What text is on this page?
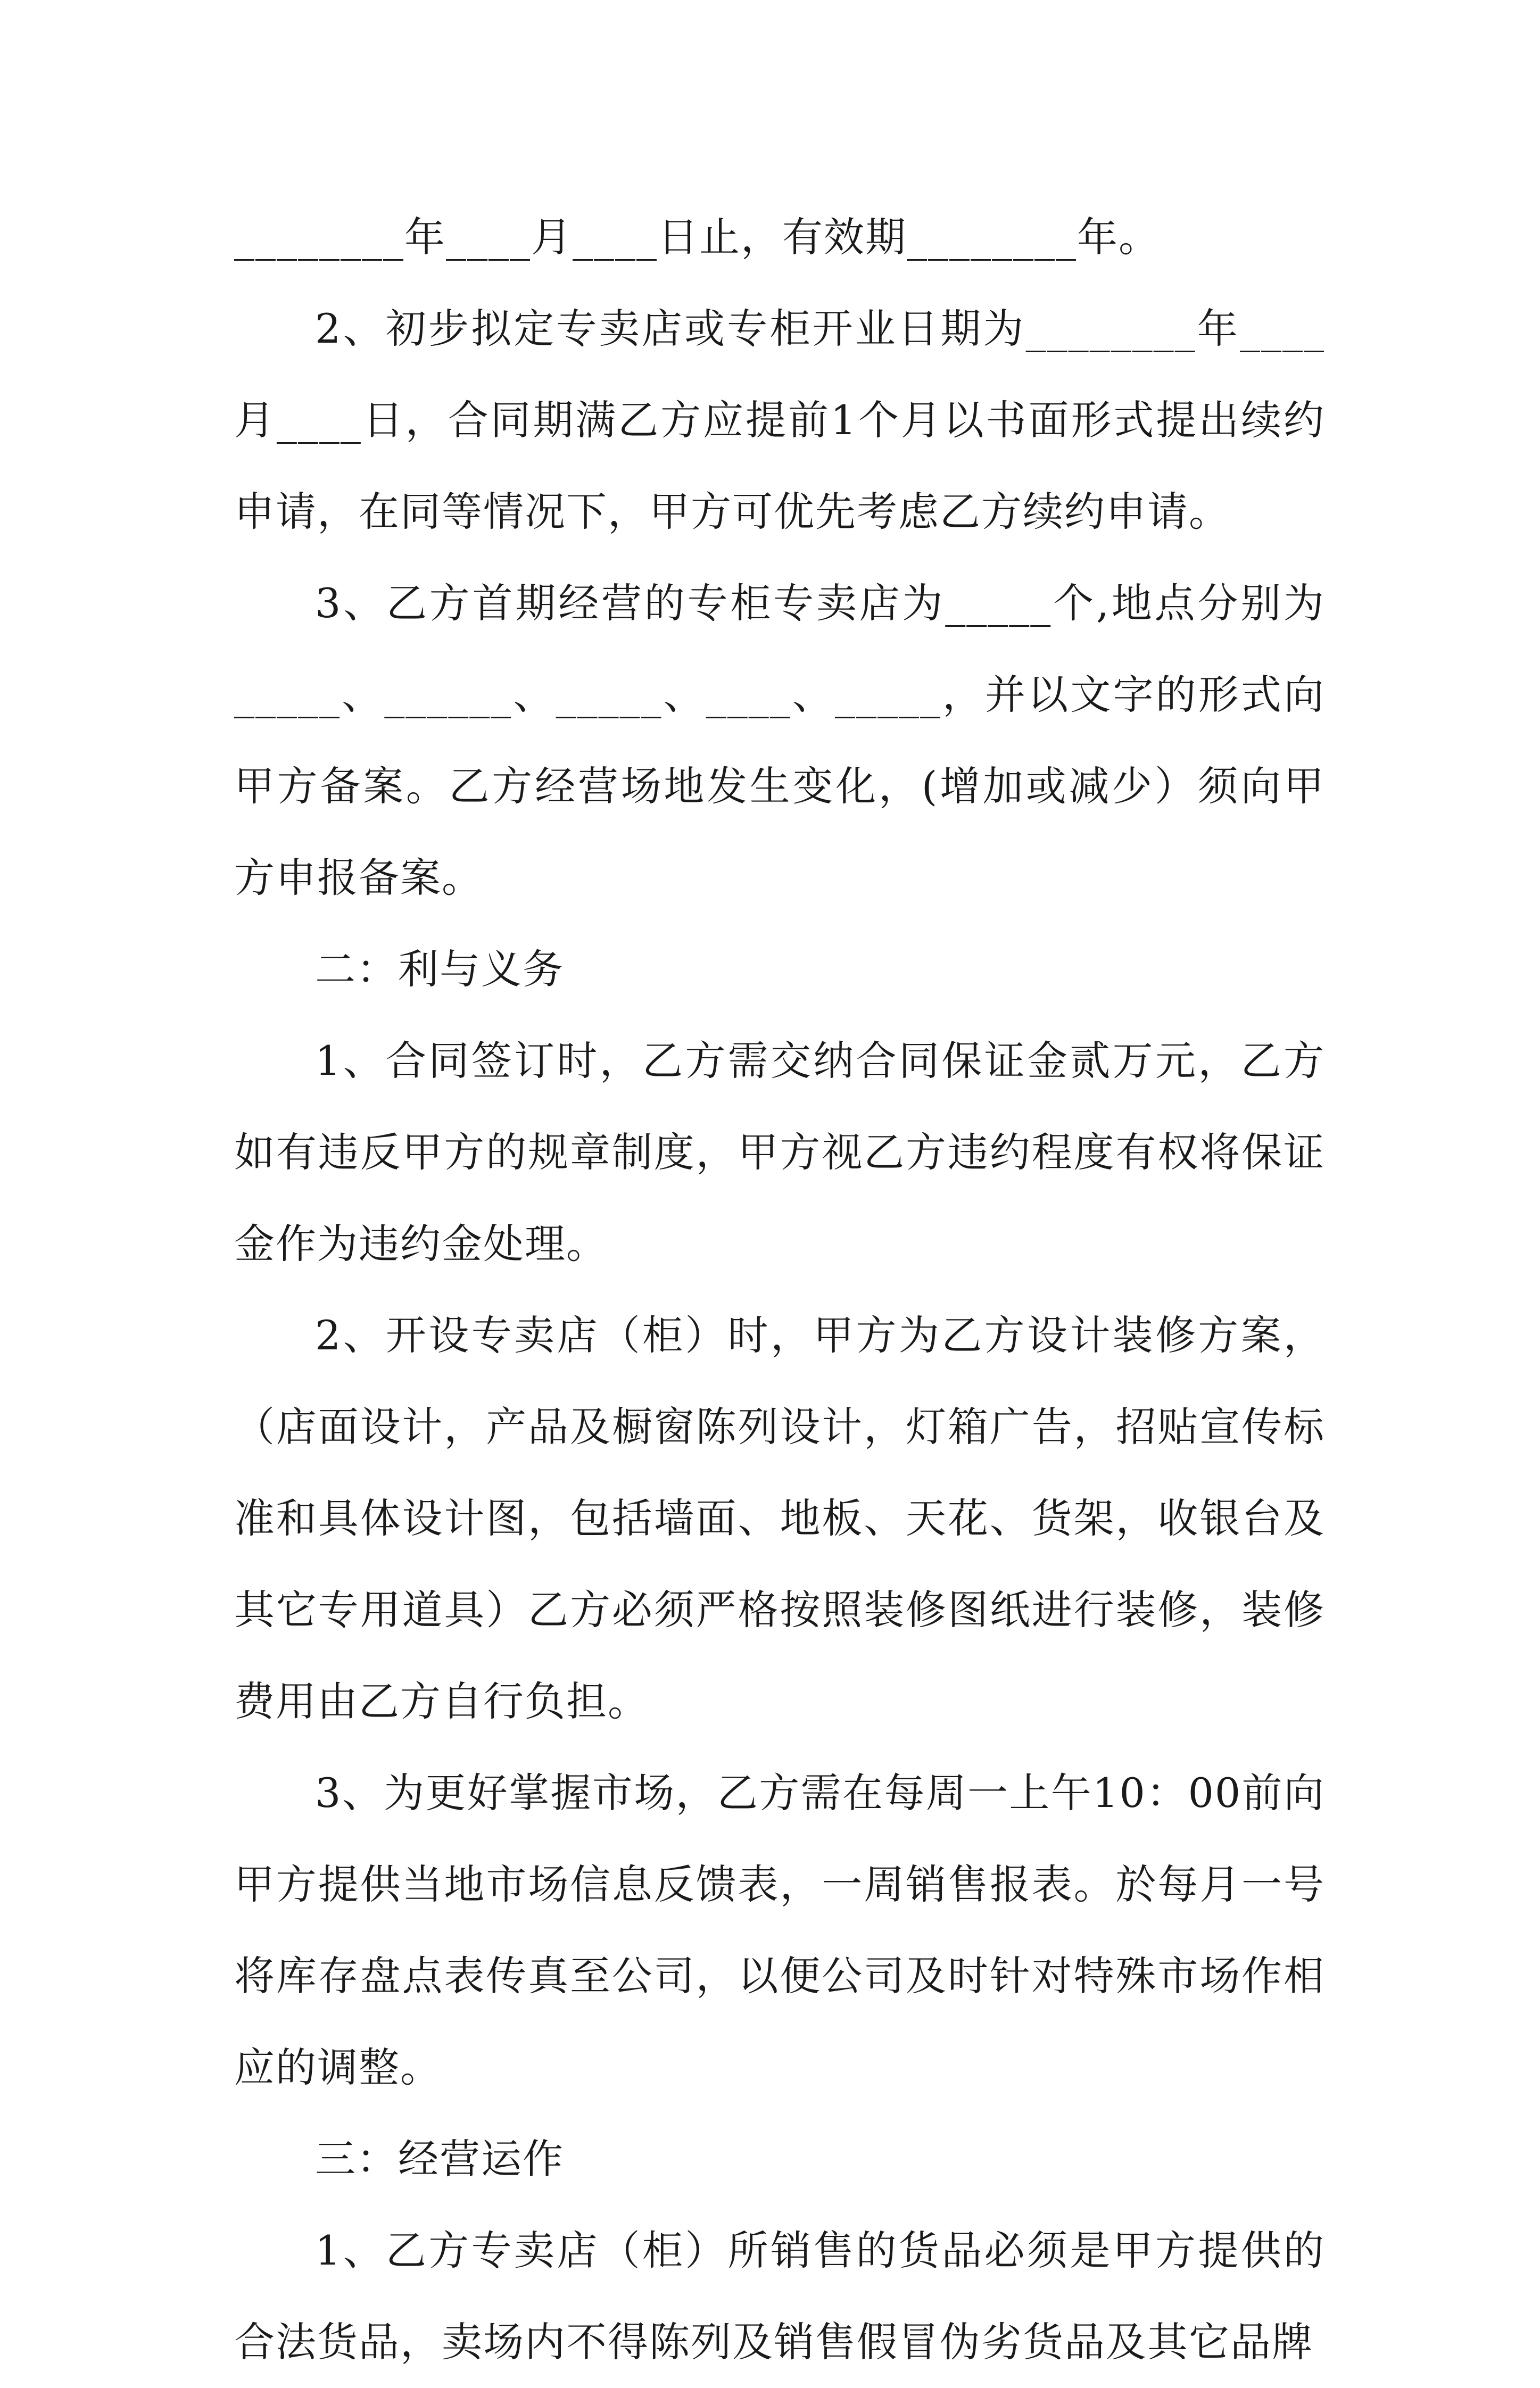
________年____月____日止，有效期________年。

2、初步拟定专卖店或专柜开业日期为________年____月____日，合同期满乙方应提前1个月以书面形式提出续约申请，在同等情况下，甲方可优先考虑乙方续约申请。

3、乙方首期经营的专柜专卖店为_____个,地点分别为_____、______、_____、____、_____，并以文字的形式向甲方备案。乙方经营场地发生变化，(增加或减少）须向甲方申报备案。

二：利与义务

1、合同签订时，乙方需交纳合同保证金贰万元，乙方如有违反甲方的规章制度，甲方视乙方违约程度有权将保证金作为违约金处理。

2、开设专卖店（柜）时，甲方为乙方设计装修方案，（店面设计，产品及橱窗陈列设计，灯箱广告，招贴宣传标准和具体设计图，包括墙面、地板、天花、货架，收银台及其它专用道具）乙方必须严格按照装修图纸进行装修，装修费用由乙方自行负担。

3、为更好掌握市场，乙方需在每周一上午10：00前向甲方提供当地市场信息反馈表，一周销售报表。於每月一号将库存盘点表传真至公司，以便公司及时针对特殊市场作相应的调整。

三：经营运作

1、乙方专卖店（柜）所销售的货品必须是甲方提供的合法货品，卖场内不得陈列及销售假冒伪劣货品及其它品牌
